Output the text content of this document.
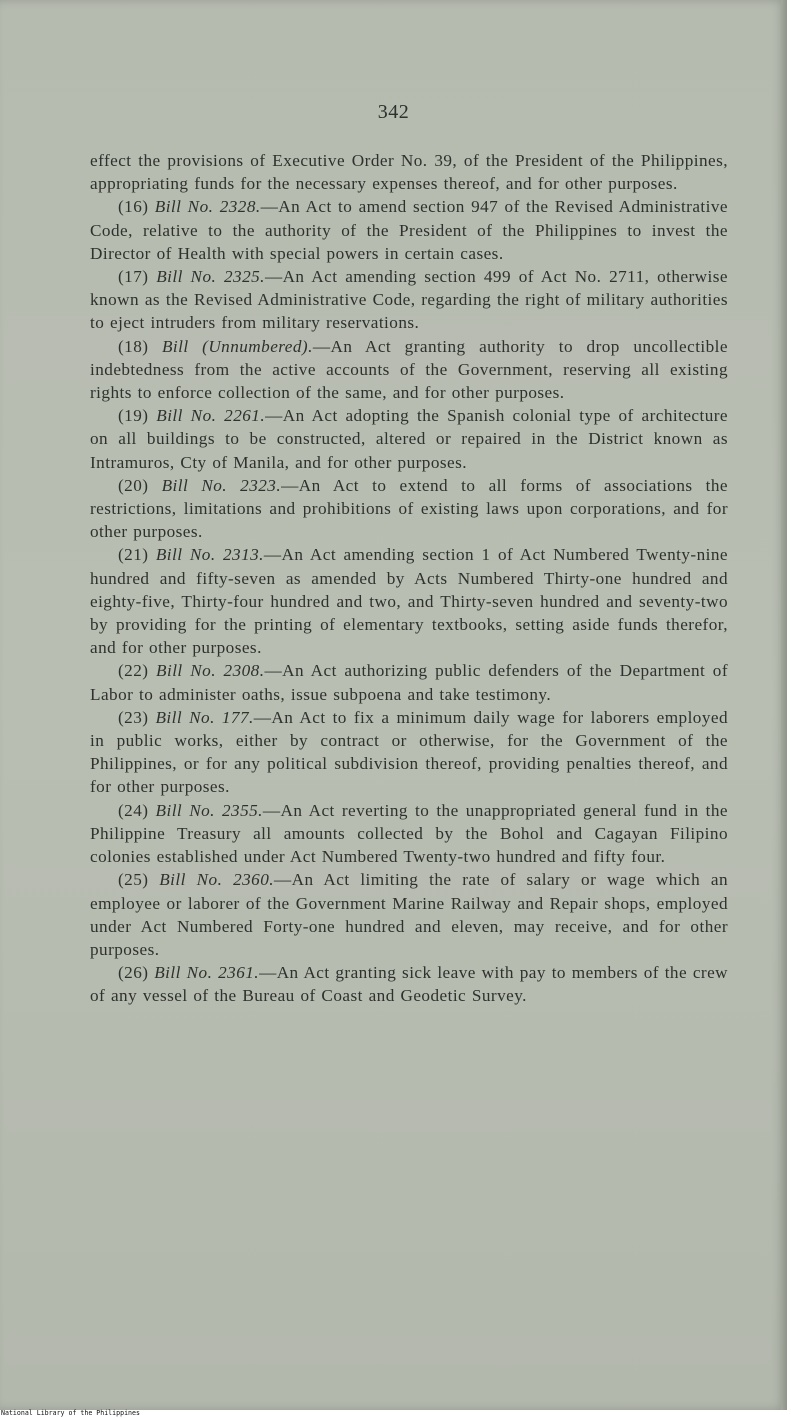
342

effect the provisions of Executive Order No. 39, of the President of the Philippines, appropriating funds for the necessary expenses thereof, and for other purposes.

(16) Bill No. 2328.—An Act to amend section 947 of the Revised Administrative Code, relative to the authority of the President of the Philippines to invest the Director of Health with special powers in certain cases.

(17) Bill No. 2325.—An Act amending section 499 of Act No. 2711, otherwise known as the Revised Administrative Code, regarding the right of military authorities to eject intruders from military reservations.

(18) Bill (Unnumbered).—An Act granting authority to drop uncollectible indebtedness from the active accounts of the Government, reserving all existing rights to enforce collection of the same, and for other purposes.

(19) Bill No. 2261.—An Act adopting the Spanish colonial type of architecture on all buildings to be constructed, altered or repaired in the District known as Intramuros, Cty of Manila, and for other purposes.

(20) Bill No. 2323.—An Act to extend to all forms of associations the restrictions, limitations and prohibitions of existing laws upon corporations, and for other purposes.

(21) Bill No. 2313.—An Act amending section 1 of Act Numbered Twenty-nine hundred and fifty-seven as amended by Acts Numbered Thirty-one hundred and eighty-five, Thirty-four hundred and two, and Thirty-seven hundred and seventy-two by providing for the printing of elementary textbooks, setting aside funds therefor, and for other purposes.

(22) Bill No. 2308.—An Act authorizing public defenders of the Department of Labor to administer oaths, issue subpoena and take testimony.

(23) Bill No. 177.—An Act to fix a minimum daily wage for laborers employed in public works, either by contract or otherwise, for the Government of the Philippines, or for any political subdivision thereof, providing penalties thereof, and for other purposes.

(24) Bill No. 2355.—An Act reverting to the unappropriated general fund in the Philippine Treasury all amounts collected by the Bohol and Cagayan Filipino colonies established under Act Numbered Twenty-two hundred and fifty four.

(25) Bill No. 2360.—An Act limiting the rate of salary or wage which an employee or laborer of the Government Marine Railway and Repair shops, employed under Act Numbered Forty-one hundred and eleven, may receive, and for other purposes.

(26) Bill No. 2361.—An Act granting sick leave with pay to members of the crew of any vessel of the Bureau of Coast and Geodetic Survey.

National Library of the Philippines
